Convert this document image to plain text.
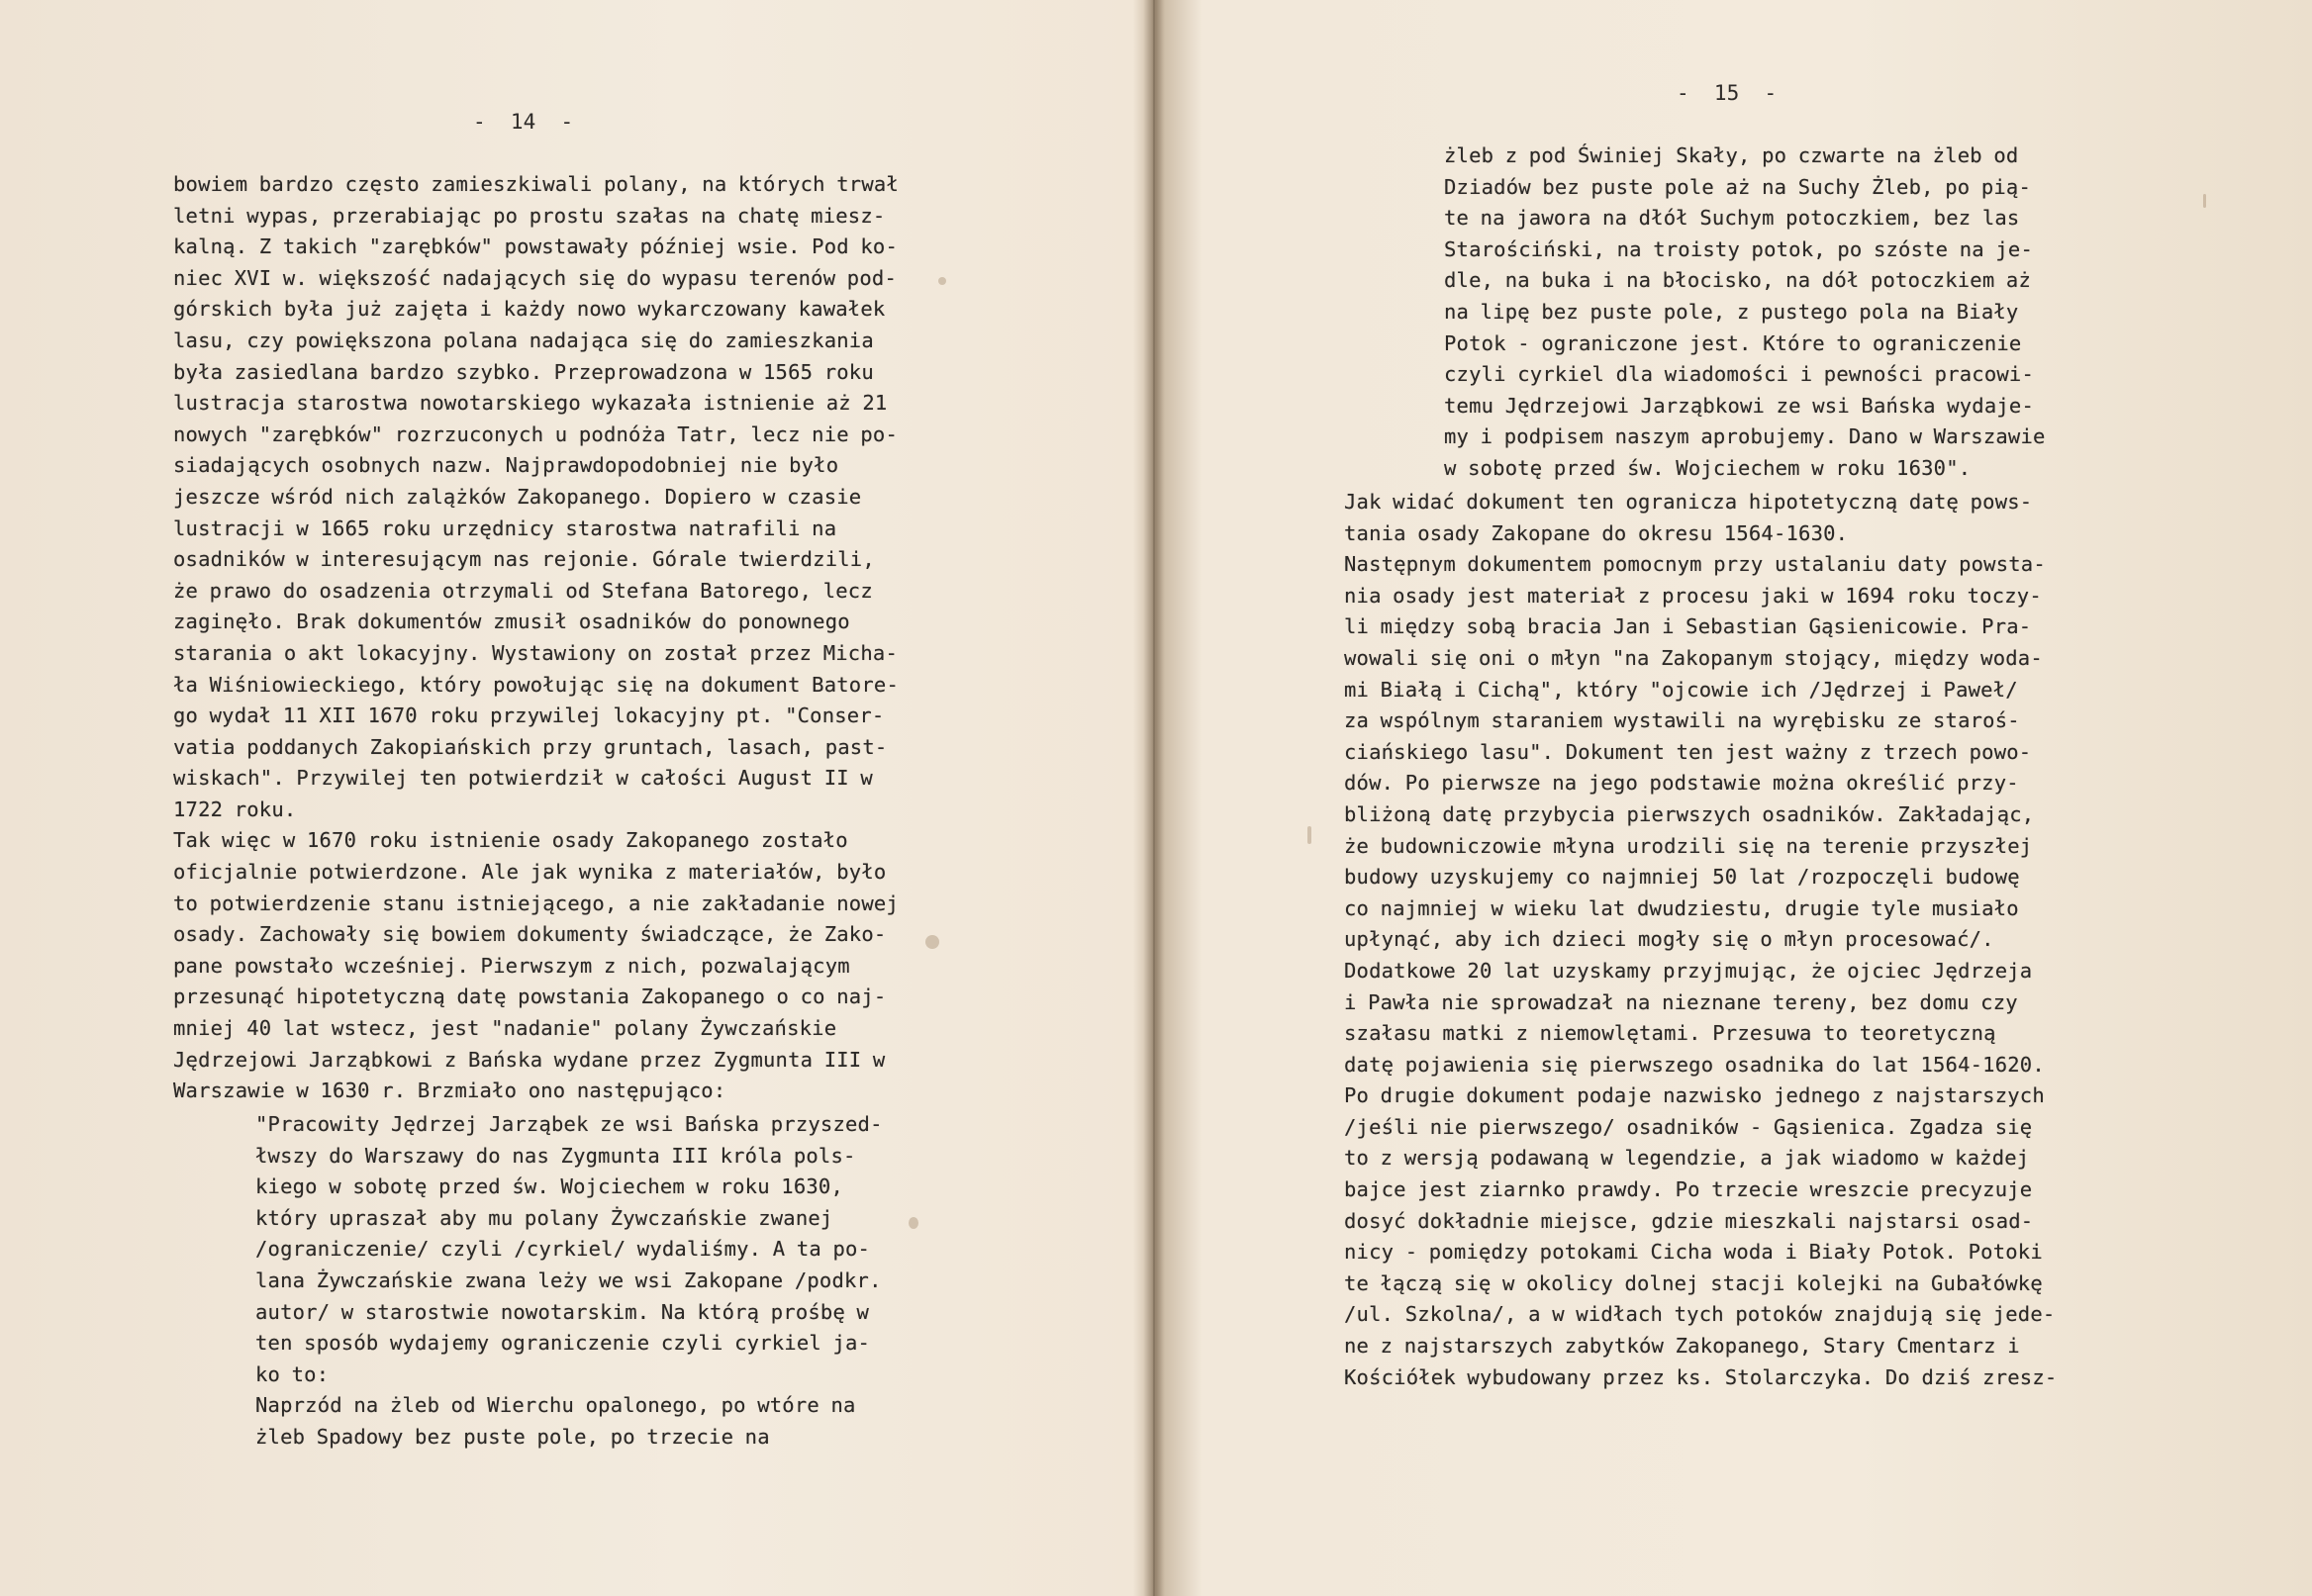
-  14  -
bowiem bardzo często zamieszkiwali polany, na których trwał
letni wypas, przerabiając po prostu szałas na chatę miesz-
kalną. Z takich "zarębków" powstawały później wsie. Pod ko-
niec XVI w. większość nadających się do wypasu terenów pod-
górskich była już zajęta i każdy nowo wykarczowany kawałek
lasu, czy powiększona polana nadająca się do zamieszkania
była zasiedlana bardzo szybko. Przeprowadzona w 1565 roku
lustracja starostwa nowotarskiego wykazała istnienie aż 21
nowych "zarębków" rozrzuconych u podnóża Tatr, lecz nie po-
siadających osobnych nazw. Najprawdopodobniej nie było
jeszcze wśród nich zalążków Zakopanego. Dopiero w czasie
lustracji w 1665 roku urzędnicy starostwa natrafili na
osadników w interesującym nas rejonie. Górale twierdzili,
że prawo do osadzenia otrzymali od Stefana Batorego, lecz
zaginęło. Brak dokumentów zmusił osadników do ponownego
starania o akt lokacyjny. Wystawiony on został przez Micha-
ła Wiśniowieckiego, który powołując się na dokument Batore-
go wydał 11 XII 1670 roku przywilej lokacyjny pt. "Conser-
vatia poddanych Zakopiańskich przy gruntach, lasach, past-
wiskach". Przywilej ten potwierdził w całości August II w
1722 roku.
Tak więc w 1670 roku istnienie osady Zakopanego zostało
oficjalnie potwierdzone. Ale jak wynika z materiałów, było
to potwierdzenie stanu istniejącego, a nie zakładanie nowej
osady. Zachowały się bowiem dokumenty świadczące, że Zako-
pane powstało wcześniej. Pierwszym z nich, pozwalającym
przesunąć hipotetyczną datę powstania Zakopanego o co naj-
mniej 40 lat wstecz, jest "nadanie" polany Żywczańskie
Jędrzejowi Jarząbkowi z Bańska wydane przez Zygmunta III w
Warszawie w 1630 r. Brzmiało ono następująco:
"Pracowity Jędrzej Jarząbek ze wsi Bańska przyszed-
łwszy do Warszawy do nas Zygmunta III króla pols-
kiego w sobotę przed św. Wojciechem w roku 1630,
który upraszał aby mu polany Żywczańskie zwanej
/ograniczenie/ czyli /cyrkiel/ wydaliśmy. A ta po-
lana Żywczańskie zwana leży we wsi Zakopane /podkr.
autor/ w starostwie nowotarskim. Na którą prośbę w
ten sposób wydajemy ograniczenie czyli cyrkiel ja-
ko to:
Naprzód na żleb od Wierchu opalonego, po wtóre na
żleb Spadowy bez puste pole, po trzecie na
-  15  -
żleb z pod Świniej Skały, po czwarte na żleb od
Dziadów bez puste pole aż na Suchy Żleb, po pią-
te na jawora na dłół Suchym potoczkiem, bez las
Starościński, na troisty potok, po szóste na je-
dle, na buka i na błocisko, na dół potoczkiem aż
na lipę bez puste pole, z pustego pola na Biały
Potok - ograniczone jest. Które to ograniczenie
czyli cyrkiel dla wiadomości i pewności pracowi-
temu Jędrzejowi Jarząbkowi ze wsi Bańska wydaje-
my i podpisem naszym aprobujemy. Dano w Warszawie
w sobotę przed św. Wojciechem w roku 1630".
Jak widać dokument ten ogranicza hipotetyczną datę pows-
tania osady Zakopane do okresu 1564-1630.
Następnym dokumentem pomocnym przy ustalaniu daty powsta-
nia osady jest materiał z procesu jaki w 1694 roku toczy-
li między sobą bracia Jan i Sebastian Gąsienicowie. Pra-
wowali się oni o młyn "na Zakopanym stojący, między woda-
mi Białą i Cichą", który "ojcowie ich /Jędrzej i Paweł/
za wspólnym staraniem wystawili na wyrębisku ze staroś-
ciańskiego lasu". Dokument ten jest ważny z trzech powo-
dów. Po pierwsze na jego podstawie można określić przy-
bliżoną datę przybycia pierwszych osadników. Zakładając,
że budowniczowie młyna urodzili się na terenie przyszłej
budowy uzyskujemy co najmniej 50 lat /rozpoczęli budowę
co najmniej w wieku lat dwudziestu, drugie tyle musiało
upłynąć, aby ich dzieci mogły się o młyn procesować/.
Dodatkowe 20 lat uzyskamy przyjmując, że ojciec Jędrzeja
i Pawła nie sprowadzał na nieznane tereny, bez domu czy
szałasu matki z niemowlętami. Przesuwa to teoretyczną
datę pojawienia się pierwszego osadnika do lat 1564-1620.
Po drugie dokument podaje nazwisko jednego z najstarszych
/jeśli nie pierwszego/ osadników - Gąsienica. Zgadza się
to z wersją podawaną w legendzie, a jak wiadomo w każdej
bajce jest ziarnko prawdy. Po trzecie wreszcie precyzuje
dosyć dokładnie miejsce, gdzie mieszkali najstarsi osad-
nicy - pomiędzy potokami Cicha woda i Biały Potok. Potoki
te łączą się w okolicy dolnej stacji kolejki na Gubałówkę
/ul. Szkolna/, a w widłach tych potoków znajdują się jede-
ne z najstarszych zabytków Zakopanego, Stary Cmentarz i
Kościółek wybudowany przez ks. Stolarczyka. Do dziś zresz-
